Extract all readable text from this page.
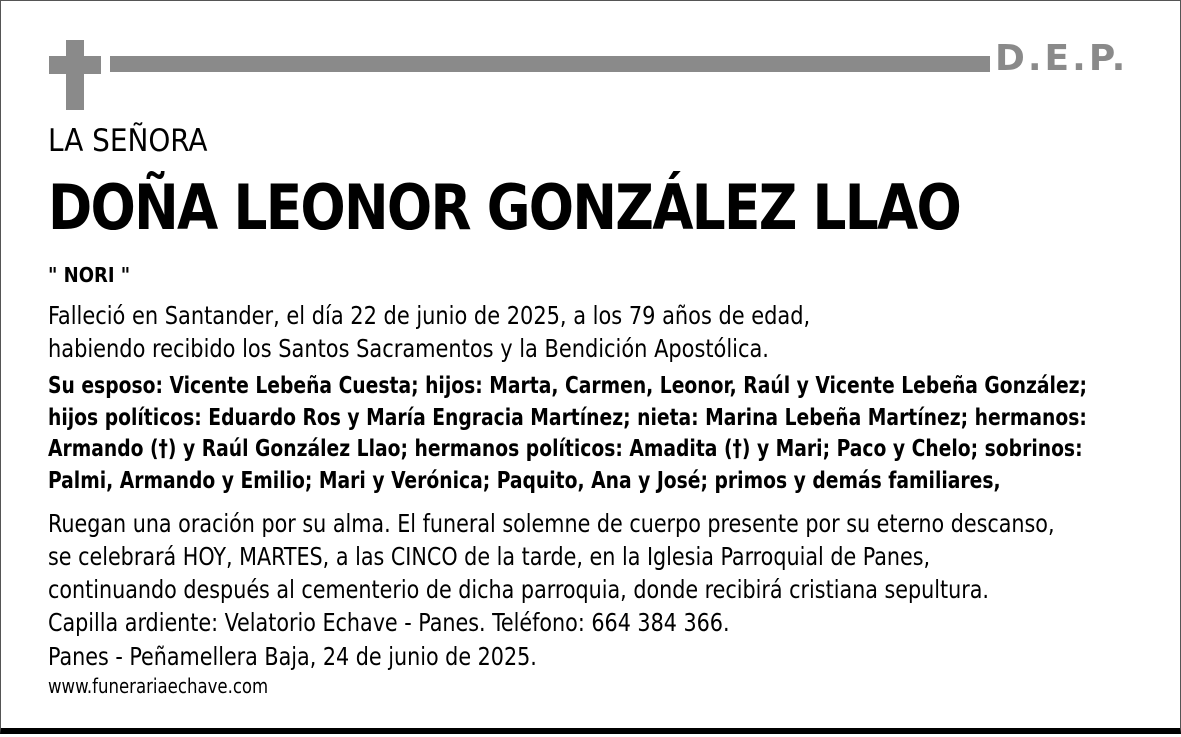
D.E.P.
LA SEÑORA
DOÑA LEONOR GONZÁLEZ LLAO
" NORI "
Falleció en Santander, el día 22 de junio de 2025, a los 79 años de edad,
habiendo recibido los Santos Sacramentos y la Bendición Apostólica.
Su esposo: Vicente Lebeña Cuesta; hijos: Marta, Carmen, Leonor, Raúl y Vicente Lebeña González;
hijos políticos: Eduardo Ros y María Engracia Martínez; nieta: Marina Lebeña Martínez; hermanos:
Armando (†) y Raúl González Llao; hermanos políticos: Amadita (†) y Mari; Paco y Chelo; sobrinos:
Palmi, Armando y Emilio; Mari y Verónica; Paquito, Ana y José; primos y demás familiares,
Ruegan una oración por su alma. El funeral solemne de cuerpo presente por su eterno descanso,
se celebrará HOY, MARTES, a las CINCO de la tarde, en la Iglesia Parroquial de Panes,
continuando después al cementerio de dicha parroquia, donde recibirá cristiana sepultura.
Capilla ardiente: Velatorio Echave - Panes. Teléfono: 664 384 366.
Panes - Peñamellera Baja, 24 de junio de 2025.
www.funerariaechave.com
